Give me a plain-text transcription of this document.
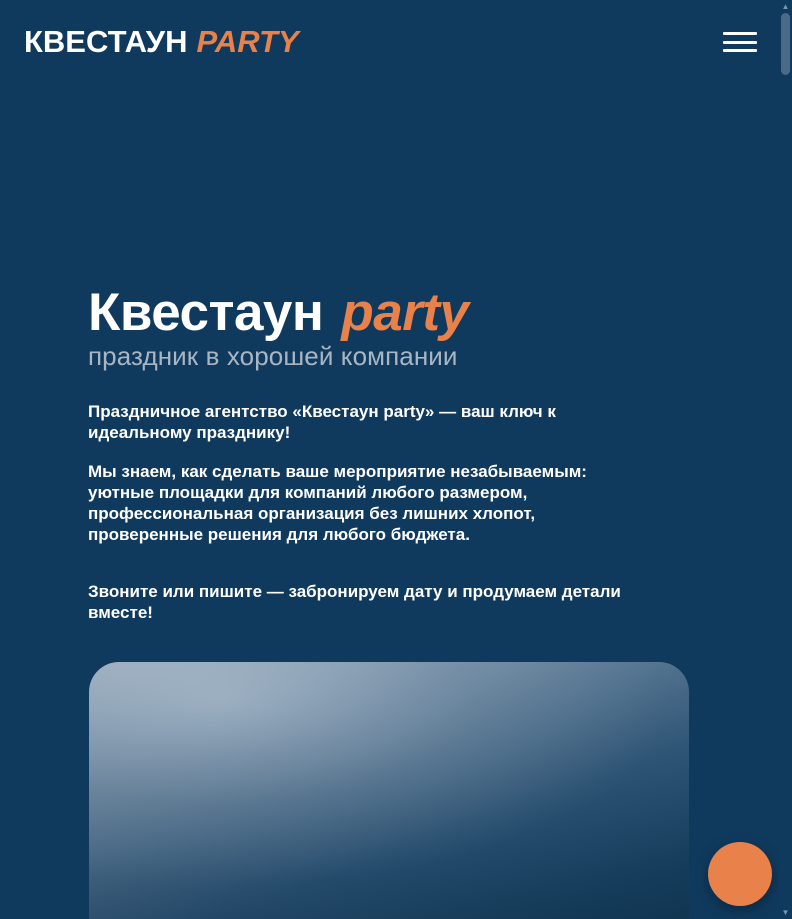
Квестаун party
праздник в хорошей компании

Праздничное агентство «Квестаун party» — ваш ключ к идеальному празднику!

Мы знаем, как сделать ваше мероприятие незабываемым: уютные площадки для компаний любого размером, профессиональная организация без лишних хлопот, проверенные решения для любого бюджета.

Звоните или пишите — забронируем дату и продумаем детали вместе!

КВЕСТАУН PARTY
▲
▼
